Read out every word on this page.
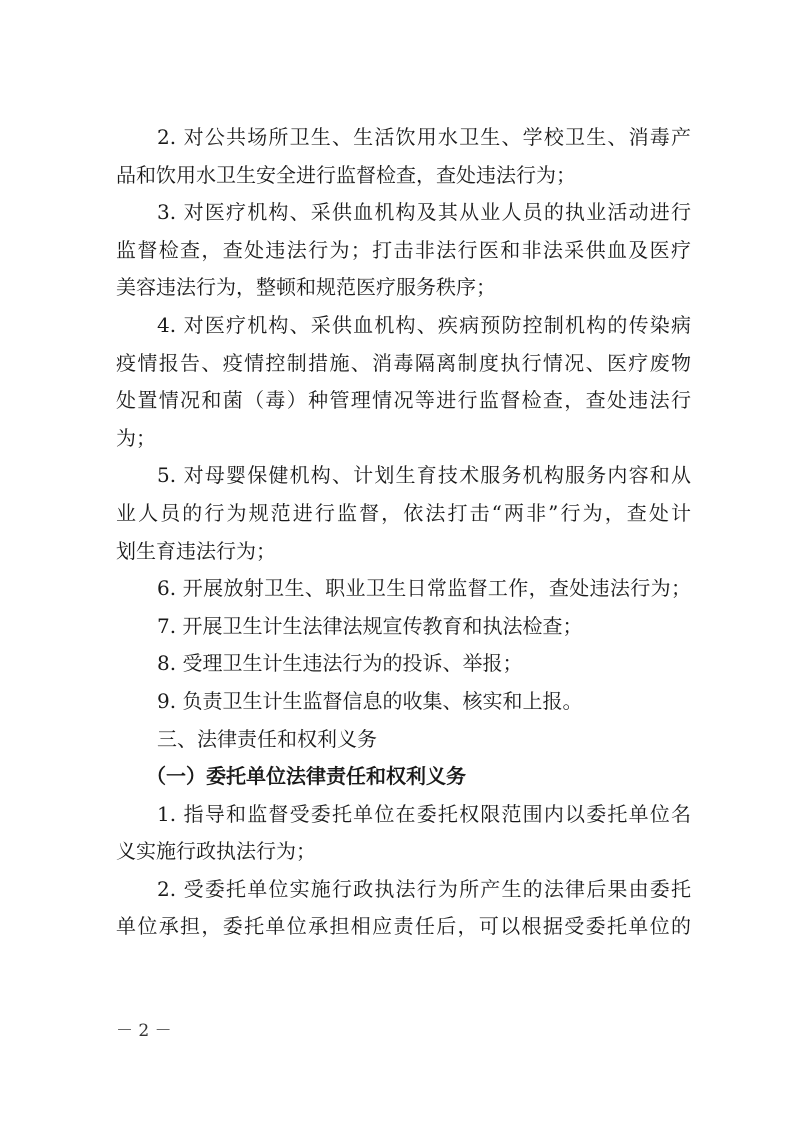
2. 对公共场所卫生、生活饮用水卫生、学校卫生、消毒产
品和饮用水卫生安全进行监督检查，查处违法行为；
3. 对医疗机构、采供血机构及其从业人员的执业活动进行
监督检查，查处违法行为；打击非法行医和非法采供血及医疗
美容违法行为，整顿和规范医疗服务秩序；
4. 对医疗机构、采供血机构、疾病预防控制机构的传染病
疫情报告、疫情控制措施、消毒隔离制度执行情况、医疗废物
处置情况和菌（毒）种管理情况等进行监督检查，查处违法行
为；
5. 对母婴保健机构、计划生育技术服务机构服务内容和从
业人员的行为规范进行监督，依法打击“两非”行为，查处计
划生育违法行为；
6. 开展放射卫生、职业卫生日常监督工作，查处违法行为；
7. 开展卫生计生法律法规宣传教育和执法检查；
8. 受理卫生计生违法行为的投诉、举报；
9. 负责卫生计生监督信息的收集、核实和上报。
三、法律责任和权利义务
（一）委托单位法律责任和权利义务
1. 指导和监督受委托单位在委托权限范围内以委托单位名
义实施行政执法行为；
2. 受委托单位实施行政执法行为所产生的法律后果由委托
单位承担，委托单位承担相应责任后，可以根据受委托单位的
－ 2 －
